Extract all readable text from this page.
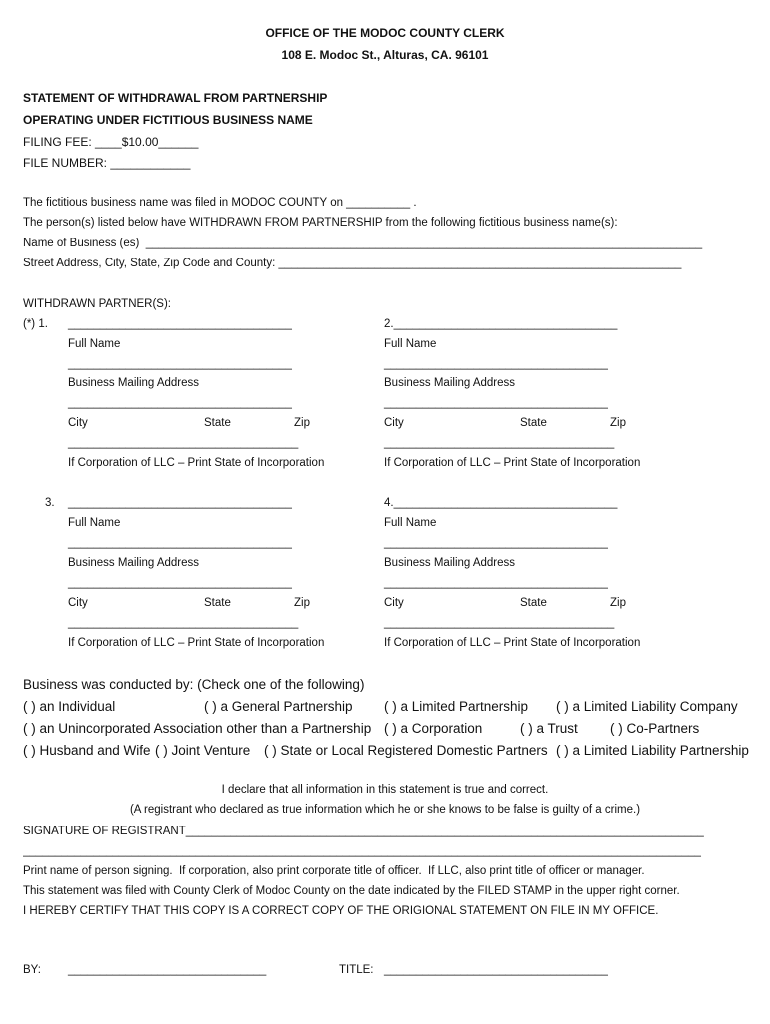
OFFICE OF THE MODOC COUNTY CLERK
108 E. Modoc St., Alturas, CA. 96101
STATEMENT OF WITHDRAWAL FROM PARTNERSHIP
OPERATING UNDER FICTITIOUS BUSINESS NAME
FILING FEE: ____$10.00______
FILE NUMBER: ____________
The fictitious business name was filed in MODOC COUNTY on __________ .
The person(s) listed below have WITHDRAWN FROM PARTNERSHIP from the following fictitious business name(s):
Name of Business (es)  _______________________________________________________________________________________
Street Address, City, State, Zip Code and County: _______________________________________________________________
WITHDRAWN PARTNER(S):
(*) 1. ___________________________________
Full Name
___________________________________
Business Mailing Address
___________________________________
City	State	Zip
____________________________________
If Corporation of LLC – Print State of Incorporation
2.___________________________________
Full Name
___________________________________
Business Mailing Address
___________________________________
City	State	Zip
____________________________________
If Corporation of LLC – Print State of Incorporation
3. ___________________________________
Full Name
___________________________________
Business Mailing Address
___________________________________
City	State	Zip
____________________________________
If Corporation of LLC – Print State of Incorporation
4.___________________________________
Full Name
___________________________________
Business Mailing Address
___________________________________
City	State	Zip
____________________________________
If Corporation of LLC – Print State of Incorporation
Business was conducted by: (Check one of the following)
( ) an Individual	( ) a General Partnership ( ) a Limited Partnership ( ) a Limited Liability Company
( ) an Unincorporated Association other than a Partnership ( ) a Corporation	( ) a Trust ( ) Co-Partners
( ) Husband and Wife ( ) Joint Venture ( ) State or Local Registered Domestic Partners ( ) a Limited Liability Partnership
I declare that all information in this statement is true and correct.
(A registrant who declared as true information which he or she knows to be false is guilty of a crime.)
SIGNATURE OF REGISTRANT_________________________________________________________________________________
__________________________________________________________________________________________________________
Print name of person signing.  If corporation, also print corporate title of officer.  If LLC, also print title of officer or manager.
This statement was filed with County Clerk of Modoc County on the date indicated by the FILED STAMP in the upper right corner.
I HEREBY CERTIFY THAT THIS COPY IS A CORRECT COPY OF THE ORIGIONAL STATEMENT ON FILE IN MY OFFICE.
BY: _______________________________	TITLE: ___________________________________
